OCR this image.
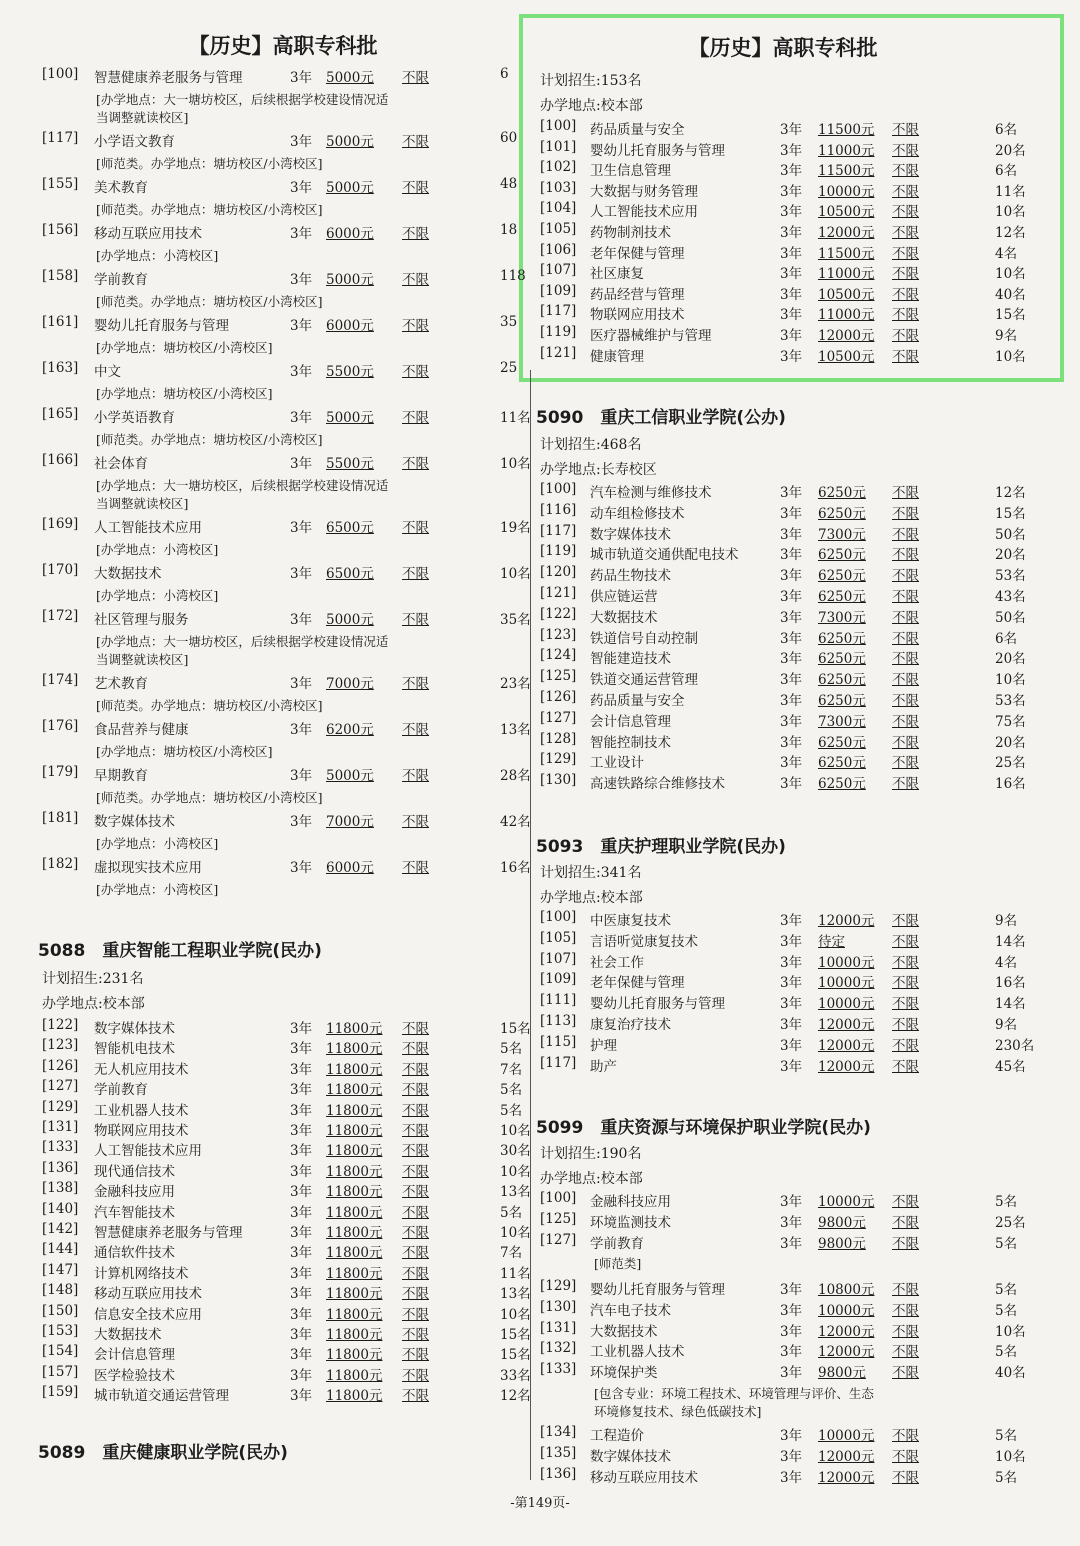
【历史】高职专科批
[100] 智慧健康养老服务与管理	3年 5000元 不限	6
[办学地点：大一塘坊校区，后续根据学校建设情况适
当调整就读校区]
[117] 小学语文教育	3年 5000元 不限	60
[师范类。办学地点：塘坊校区/小湾校区]
[155] 美术教育	3年 5000元 不限	48
[师范类。办学地点：塘坊校区/小湾校区]
[156] 移动互联应用技术	3年 6000元 不限	18
[办学地点：小湾校区]
[158] 学前教育	3年 5000元 不限	118
[师范类。办学地点：塘坊校区/小湾校区]
[161] 婴幼儿托育服务与管理	3年 6000元 不限	35
[办学地点：塘坊校区/小湾校区]
[163] 中文	3年 5500元 不限	25
[办学地点：塘坊校区/小湾校区]
[165] 小学英语教育	3年 5000元 不限	11名
[师范类。办学地点：塘坊校区/小湾校区]
[166] 社会体育	3年 5500元 不限	10名
[办学地点：大一塘坊校区，后续根据学校建设情况适
当调整就读校区]
[169] 人工智能技术应用	3年 6500元 不限	19名
[办学地点：小湾校区]
[170] 大数据技术	3年 6500元 不限	10名
[办学地点：小湾校区]
[172] 社区管理与服务	3年 5000元 不限	35名
[办学地点：大一塘坊校区，后续根据学校建设情况适
当调整就读校区]
[174] 艺术教育	3年 7000元 不限	23名
[师范类。办学地点：塘坊校区/小湾校区]
[176] 食品营养与健康	3年 6200元 不限	13名
[办学地点：塘坊校区/小湾校区]
[179] 早期教育	3年 5000元 不限	28名
[师范类。办学地点：塘坊校区/小湾校区]
[181] 数字媒体技术	3年 7000元 不限	42名
[办学地点：小湾校区]
[182] 虚拟现实技术应用	3年 6000元 不限	16名
[办学地点：小湾校区]
5088　重庆智能工程职业学院(民办)
计划招生:231名
办学地点:校本部
[122] 数字媒体技术	3年 11800元 不限	15名
[123] 智能机电技术	3年 11800元 不限	5名
[126] 无人机应用技术	3年 11800元 不限	7名
[127] 学前教育	3年 11800元 不限	5名
[129] 工业机器人技术	3年 11800元 不限	5名
[131] 物联网应用技术	3年 11800元 不限	10名
[133] 人工智能技术应用	3年 11800元 不限	30名
[136] 现代通信技术	3年 11800元 不限	10名
[138] 金融科技应用	3年 11800元 不限	13名
[140] 汽车智能技术	3年 11800元 不限	5名
[142] 智慧健康养老服务与管理	3年 11800元 不限	10名
[144] 通信软件技术	3年 11800元 不限	7名
[147] 计算机网络技术	3年 11800元 不限	11名
[148] 移动互联应用技术	3年 11800元 不限	13名
[150] 信息安全技术应用	3年 11800元 不限	10名
[153] 大数据技术	3年 11800元 不限	15名
[154] 会计信息管理	3年 11800元 不限	15名
[157] 医学检验技术	3年 11800元 不限	33名
[159] 城市轨道交通运营管理	3年 11800元 不限	12名
5089　重庆健康职业学院(民办)
【历史】高职专科批
计划招生:153名
办学地点:校本部
[100] 药品质量与安全	3年 11500元 不限	6名
[101] 婴幼儿托育服务与管理	3年 11000元 不限	20名
[102] 卫生信息管理	3年 11500元 不限	6名
[103] 大数据与财务管理	3年 10000元 不限	11名
[104] 人工智能技术应用	3年 10500元 不限	10名
[105] 药物制剂技术	3年 12000元 不限	12名
[106] 老年保健与管理	3年 11500元 不限	4名
[107] 社区康复	3年 11000元 不限	10名
[109] 药品经营与管理	3年 10500元 不限	40名
[117] 物联网应用技术	3年 11000元 不限	15名
[119] 医疗器械维护与管理	3年 12000元 不限	9名
[121] 健康管理	3年 10500元 不限	10名
5090　重庆工信职业学院(公办)
计划招生:468名
办学地点:长寿校区
[100] 汽车检测与维修技术	3年 6250元 不限	12名
[116] 动车组检修技术	3年 6250元 不限	15名
[117] 数字媒体技术	3年 7300元 不限	50名
[119] 城市轨道交通供配电技术	3年 6250元 不限	20名
[120] 药品生物技术	3年 6250元 不限	53名
[121] 供应链运营	3年 6250元 不限	43名
[122] 大数据技术	3年 7300元 不限	50名
[123] 铁道信号自动控制	3年 6250元 不限	6名
[124] 智能建造技术	3年 6250元 不限	20名
[125] 铁道交通运营管理	3年 6250元 不限	10名
[126] 药品质量与安全	3年 6250元 不限	53名
[127] 会计信息管理	3年 7300元 不限	75名
[128] 智能控制技术	3年 6250元 不限	20名
[129] 工业设计	3年 6250元 不限	25名
[130] 高速铁路综合维修技术	3年 6250元 不限	16名
5093　重庆护理职业学院(民办)
计划招生:341名
办学地点:校本部
[100] 中医康复技术	3年 12000元 不限	9名
[105] 言语听觉康复技术	3年 待定	不限	14名
[107] 社会工作	3年 10000元 不限	4名
[109] 老年保健与管理	3年 10000元 不限	16名
[111] 婴幼儿托育服务与管理	3年 10000元 不限	14名
[113] 康复治疗技术	3年 12000元 不限	9名
[115] 护理	3年 12000元 不限	230名
[117] 助产	3年 12000元 不限	45名
5099　重庆资源与环境保护职业学院(民办)
计划招生:190名
办学地点:校本部
[100] 金融科技应用	3年 10000元 不限	5名
[125] 环境监测技术	3年 9800元 不限	25名
[127] 学前教育	3年 9800元 不限	5名
[师范类]
[129] 婴幼儿托育服务与管理	3年 10800元 不限	5名
[130] 汽车电子技术	3年 10000元 不限	5名
[131] 大数据技术	3年 12000元 不限	10名
[132] 工业机器人技术	3年 12000元 不限	5名
[133] 环境保护类	3年 9800元 不限	40名
[包含专业：环境工程技术、环境管理与评价、生态
环境修复技术、绿色低碳技术]
[134] 工程造价	3年 10000元 不限	5名
[135] 数字媒体技术	3年 12000元 不限	10名
[136] 移动互联应用技术	3年 12000元 不限	5名
-第149页-
